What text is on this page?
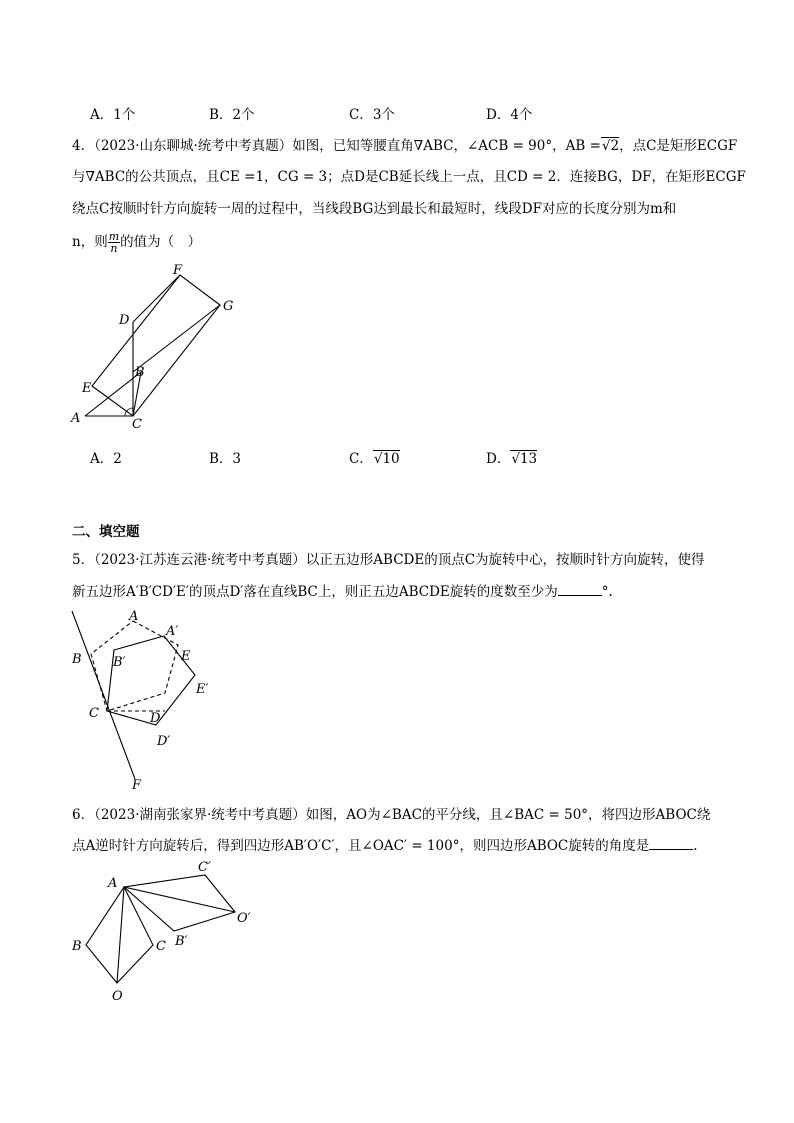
A．1个	B．2个	C．3个	D．4个
4．（2023·山东聊城·统考中考真题）如图，已知等腰直角∇ABC，∠ACB = 90°，AB =√2，点C是矩形ECGF
与∇ABC的公共顶点，且CE =1，CG = 3；点D是CB延长线上一点，且CD = 2．连接BG，DF，在矩形ECGF
绕点C按顺时针方向旋转一周的过程中，当线段BG达到最长和最短时，线段DF对应的长度分别为m和
n，则 $\frac{m}{n}$ 的值为（　）
F
D
G
B
E
A	C
A．2	B．3	C．√10	D．√13
二、填空题
5．（2023·江苏连云港·统考中考真题）以正五边形ABCDE的顶点C为旋转中心，按顺时针方向旋转，使得
新五边形A′B′CD′E′的顶点D′落在直线BC上，则正五边ABCDE旋转的度数至少为	°.
A
A′
B B′	E
E′
C	D
D′
F
6．（2023·湖南张家界·统考中考真题）如图，AO为∠BAC的平分线，且∠BAC = 50°，将四边形ABOC绕
点A逆时针方向旋转后，得到四边形AB′O′C′，且∠OAC′ = 100°，则四边形ABOC旋转的角度是	.
A
C′
O′
B′
B	C
O
